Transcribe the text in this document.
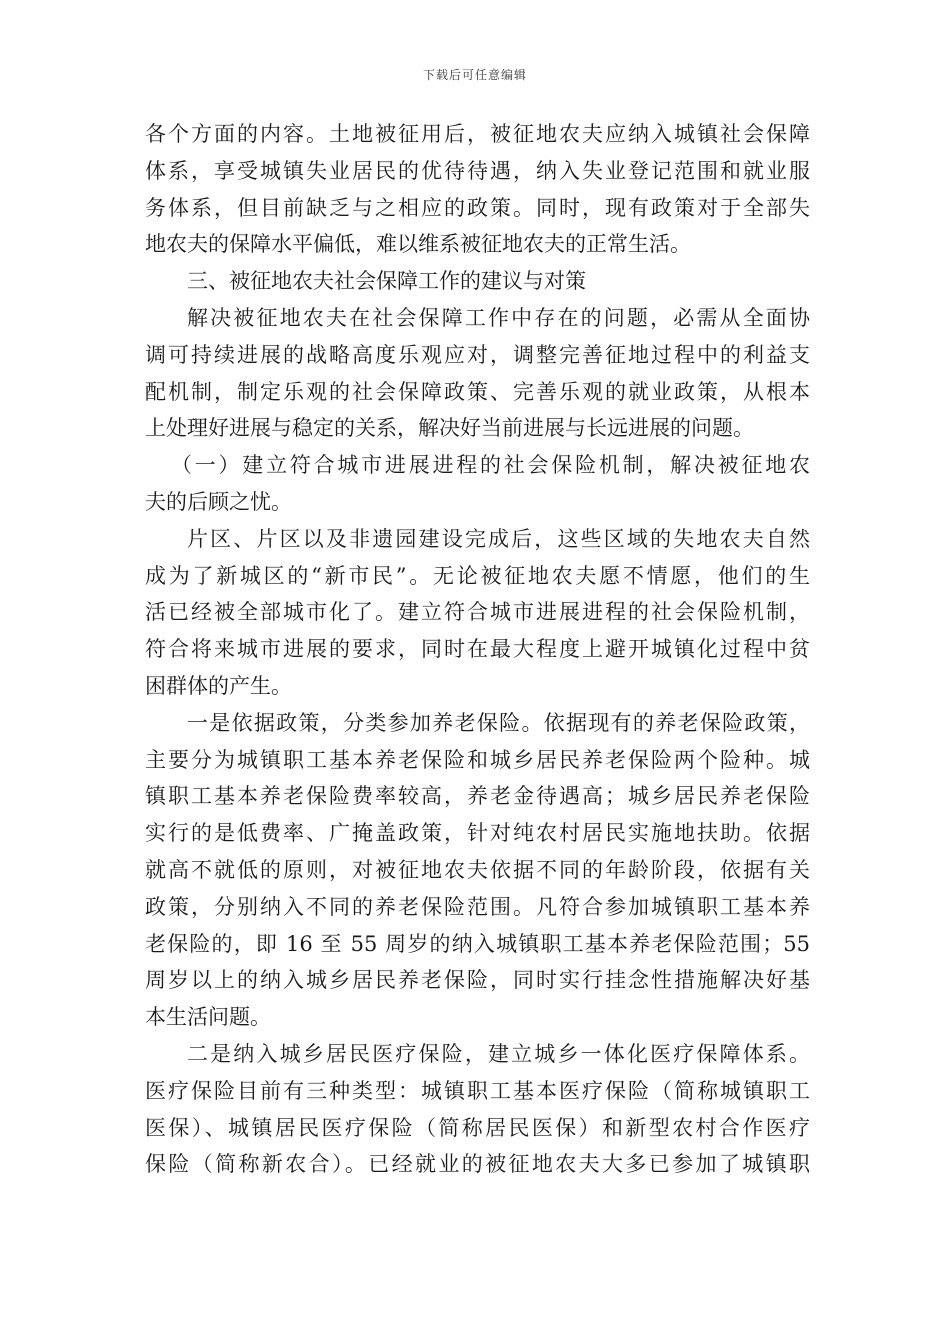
下载后可任意编辑
各个方面的内容。土地被征用后，被征地农夫应纳入城镇社会保障
体系，享受城镇失业居民的优待待遇，纳入失业登记范围和就业服
务体系，但目前缺乏与之相应的政策。同时，现有政策对于全部失
地农夫的保障水平偏低，难以维系被征地农夫的正常生活。
三、被征地农夫社会保障工作的建议与对策
解决被征地农夫在社会保障工作中存在的问题，必需从全面协
调可持续进展的战略高度乐观应对，调整完善征地过程中的利益支
配机制，制定乐观的社会保障政策、完善乐观的就业政策，从根本
上处理好进展与稳定的关系，解决好当前进展与长远进展的问题。
（一）建立符合城市进展进程的社会保险机制，解决被征地农
夫的后顾之忧。
片区、片区以及非遗园建设完成后，这些区域的失地农夫自然
成为了新城区的“新市民”。无论被征地农夫愿不情愿，他们的生
活已经被全部城市化了。建立符合城市进展进程的社会保险机制，
符合将来城市进展的要求，同时在最大程度上避开城镇化过程中贫
困群体的产生。
一是依据政策，分类参加养老保险。依据现有的养老保险政策，
主要分为城镇职工基本养老保险和城乡居民养老保险两个险种。城
镇职工基本养老保险费率较高，养老金待遇高；城乡居民养老保险
实行的是低费率、广掩盖政策，针对纯农村居民实施地扶助。依据
就高不就低的原则，对被征地农夫依据不同的年龄阶段，依据有关
政策，分别纳入不同的养老保险范围。凡符合参加城镇职工基本养
老保险的，即 16 至 55 周岁的纳入城镇职工基本养老保险范围；55
周岁以上的纳入城乡居民养老保险，同时实行挂念性措施解决好基
本生活问题。
二是纳入城乡居民医疗保险，建立城乡一体化医疗保障体系。
医疗保险目前有三种类型：城镇职工基本医疗保险（简称城镇职工
医保）、城镇居民医疗保险（简称居民医保）和新型农村合作医疗
保险（简称新农合）。已经就业的被征地农夫大多已参加了城镇职
